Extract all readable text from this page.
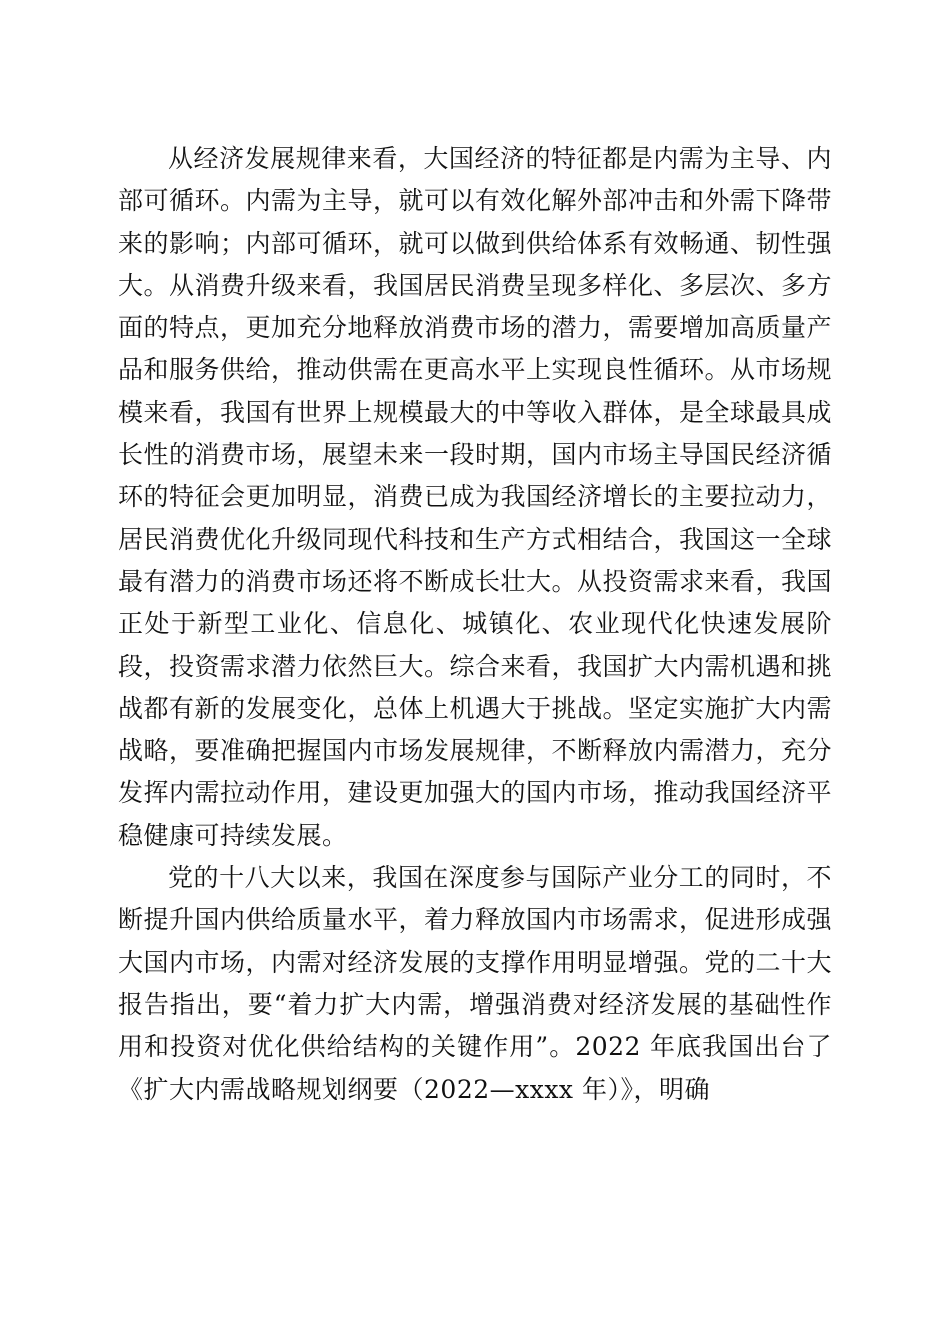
从经济发展规律来看，大国经济的特征都是内需为主导、内部可循环。内需为主导，就可以有效化解外部冲击和外需下降带来的影响；内部可循环，就可以做到供给体系有效畅通、韧性强大。从消费升级来看，我国居民消费呈现多样化、多层次、多方面的特点，更加充分地释放消费市场的潜力，需要增加高质量产品和服务供给，推动供需在更高水平上实现良性循环。从市场规模来看，我国有世界上规模最大的中等收入群体，是全球最具成长性的消费市场，展望未来一段时期，国内市场主导国民经济循环的特征会更加明显，消费已成为我国经济增长的主要拉动力，居民消费优化升级同现代科技和生产方式相结合，我国这一全球最有潜力的消费市场还将不断成长壮大。从投资需求来看，我国正处于新型工业化、信息化、城镇化、农业现代化快速发展阶段，投资需求潜力依然巨大。综合来看，我国扩大内需机遇和挑战都有新的发展变化，总体上机遇大于挑战。坚定实施扩大内需战略，要准确把握国内市场发展规律，不断释放内需潜力，充分发挥内需拉动作用，建设更加强大的国内市场，推动我国经济平稳健康可持续发展。

党的十八大以来，我国在深度参与国际产业分工的同时，不断提升国内供给质量水平，着力释放国内市场需求，促进形成强大国内市场，内需对经济发展的支撑作用明显增强。党的二十大报告指出，要“着力扩大内需，增强消费对经济发展的基础性作用和投资对优化供给结构的关键作用”。2022 年底我国出台了《扩大内需战略规划纲要（2022—xxxx 年）》，明确
